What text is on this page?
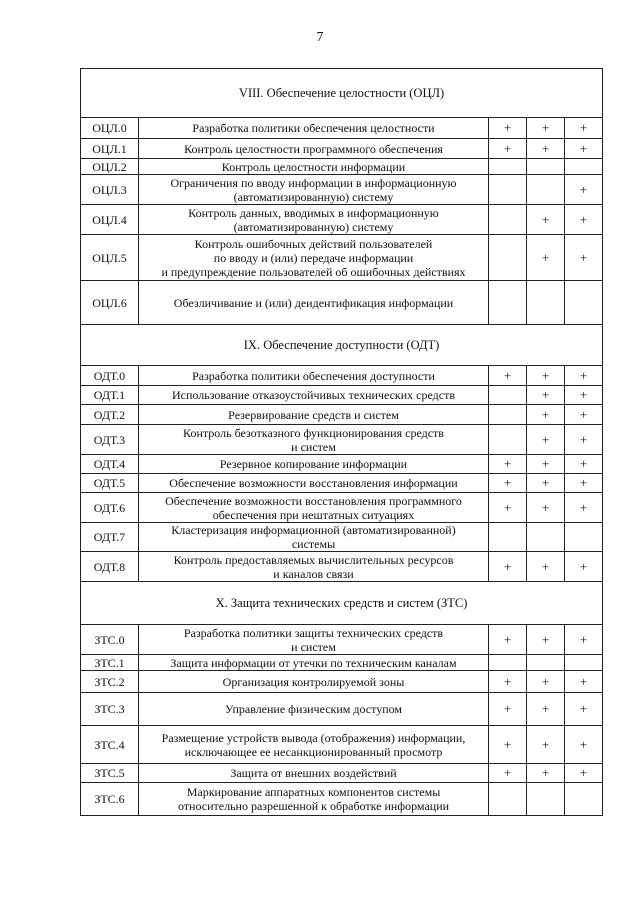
7
VIII. Обеспечение целостности (ОЦЛ)				
ОЦЛ.0	Разработка политики обеспечения целостности	+	+	+
ОЦЛ.1	Контроль целостности программного обеспечения	+	+	+
ОЦЛ.2	Контроль целостности информации			

ОЦЛ.3	Ограничения по вводу информации в информационную
(автоматизированную) систему			+
ОЦЛ.4	Контроль данных, вводимых в информационную
(автоматизированную) систему		+	+
ОЦЛ.5	Контроль ошибочных действий пользователей
по вводу и (или) передаче информации
и предупреждение пользователей об ошибочных действиях		+	+
ОЦЛ.6	Обезличивание и (или) деидентификация информации			

IX. Обеспечение доступности (ОДТ)				
ОДТ.0	Разработка политики обеспечения доступности	+	+	+
ОДТ.1	Использование отказоустойчивых технических средств		+	+
ОДТ.2	Резервирование средств и систем		+	+
ОДТ.3	Контроль безотказного функционирования средств
и систем		+	+
ОДТ.4	Резервное копирование информации	+	+	+
ОДТ.5	Обеспечение возможности восстановления информации	+	+	+
ОДТ.6	Обеспечение возможности восстановления программного
обеспечения при нештатных ситуациях	+	+	+
ОДТ.7	Кластеризация информационной (автоматизированной)
системы			

ОДТ.8	Контроль предоставляемых вычислительных ресурсов
и каналов связи	+	+	+
X. Защита технических средств и систем (ЗТС)				
ЗТС.0	Разработка политики защиты технических средств
и систем	+	+	+
ЗТС.1	Защита информации от утечки по техническим каналам			

ЗТС.2	Организация контролируемой зоны	+	+	+
ЗТС.3	Управление физическим доступом	+	+	+
ЗТС.4	Размещение устройств вывода (отображения) информации,
исключающее ее несанкционированный просмотр	+	+	+
ЗТС.5	Защита от внешних воздействий	+	+	+
ЗТС.6	Маркирование аппаратных компонентов системы
относительно разрешенной к обработке информации			
